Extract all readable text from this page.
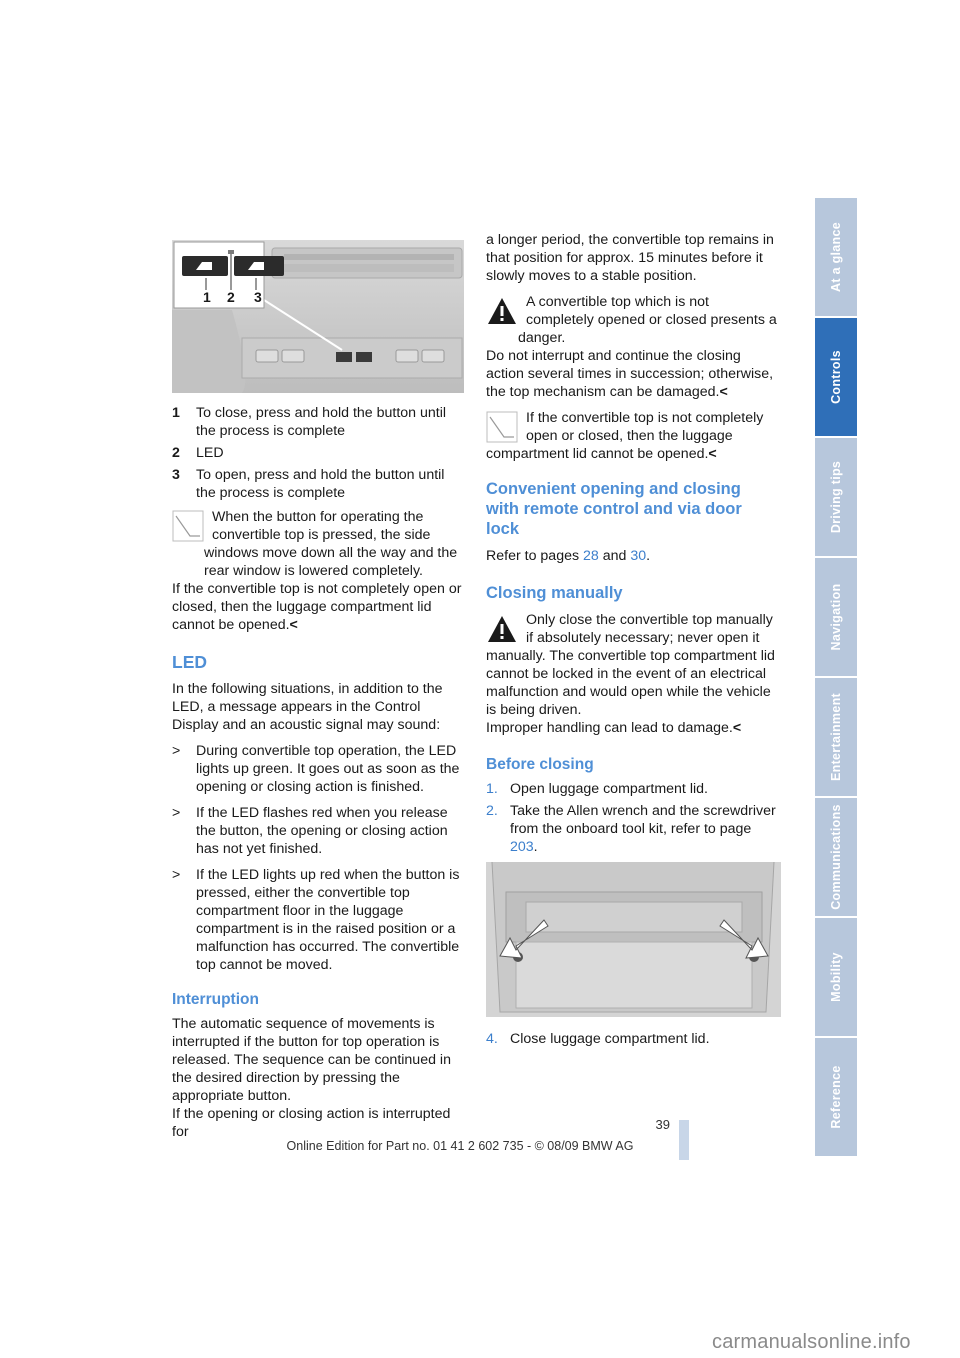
1 2 3
1 To close, press and hold the button until the process is complete

2 LED

3 To open, press and hold the button until the process is complete

When the button for operating the convertible top is pressed, the side windows move down all the way and the rear window is lowered completely.

If the convertible top is not completely open or closed, then the luggage compartment lid cannot be opened.<

LED

In the following situations, in addition to the LED, a message appears in the Control Display and an acoustic signal may sound:

> During convertible top operation, the LED lights up green. It goes out as soon as the opening or closing action is finished.

> If the LED flashes red when you release the button, the opening or closing action has not yet finished.

> If the LED lights up red when the button is pressed, either the convertible top compartment floor in the luggage compartment is in the raised position or a malfunction has occurred. The convertible top cannot be moved.

Interruption

The automatic sequence of movements is interrupted if the button for top operation is released. The sequence can be continued in the desired direction by pressing the appropriate button.

If the opening or closing action is interrupted for

a longer period, the convertible top remains in that position for approx. 15 minutes before it slowly moves to a stable position.

A convertible top which is not completely opened or closed presents a danger.

Do not interrupt and continue the closing action several times in succession; otherwise, the top mechanism can be damaged.<

If the convertible top is not completely open or closed, then the luggage compartment lid cannot be opened.<

Convenient opening and closing with remote control and via door lock

Refer to pages 28 and 30.

Closing manually

Only close the convertible top manually if absolutely necessary; never open it manually. The convertible top compartment lid cannot be locked in the event of an electrical malfunction and would open while the vehicle is being driven.

Improper handling can lead to damage.<

Before closing
1. Open luggage compartment lid.

2. Take the Allen wrench and the screwdriver from the onboard tool kit, refer to page 203.

4. Close luggage compartment lid.

At a glance
Controls
Driving tips
Navigation
Entertainment
Communications
Mobility
Reference
39
Online Edition for Part no. 01 41 2 602 735 - © 08/09 BMW AG
carmanualsonline.info
